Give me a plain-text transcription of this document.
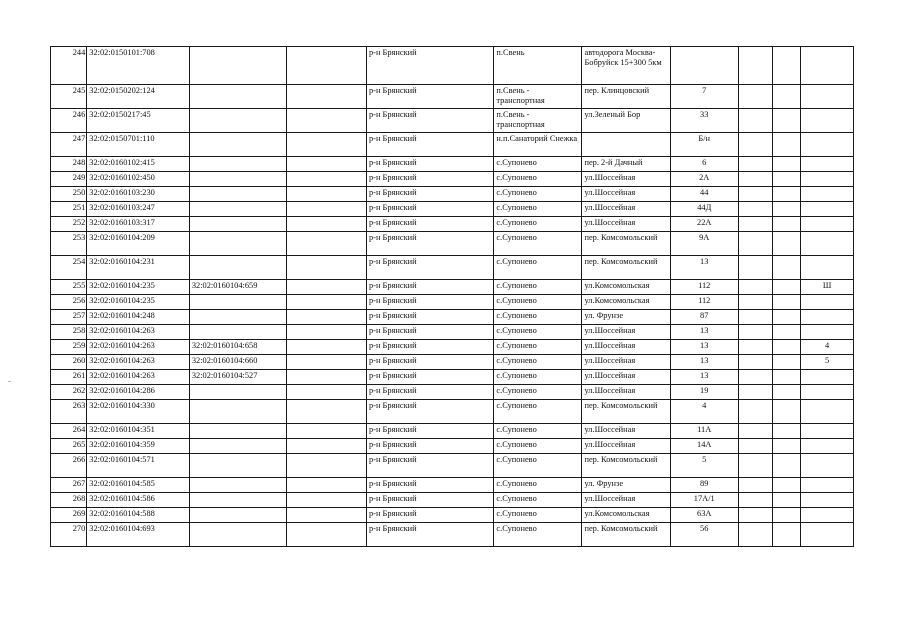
244	32:02:0150101:708			р-н Брянский	п.Свень	автодорога Москва-Бобруйск 15+300 5км				
245	32:02:0150202:124			р-н Брянский	п.Свень - транспортная	пер. Клинцовский	7			
246	32:02:0150217:45			р-н Брянский	п.Свень - транспортная	ул.Зеленый Бор	33			
247	32:02:0150701:110			р-н Брянский	н.п.Санаторий Снежка		Б/н			
248	32:02:0160102:415			р-н Брянский	с.Супонево	пер. 2-й Дачный	6			
249	32:02:0160102:450			р-н Брянский	с.Супонево	ул.Шоссейная	2А			
250	32:02:0160103:230			р-н Брянский	с.Супонево	ул.Шоссейная	44			
251	32:02:0160103:247			р-н Брянский	с.Супонево	ул.Шоссейная	44Д			
252	32:02:0160103:317			р-н Брянский	с.Супонево	ул.Шоссейная	22А			
253	32:02:0160104:209			р-н Брянский	с.Супонево	пер. Комсомольский	9А			
254	32:02:0160104:231			р-н Брянский	с.Супонево	пер. Комсомольский	13			
255	32:02:0160104:235	32:02:0160104:659		р-н Брянский	с.Супонево	ул.Комсомольская	112			Ш
256	32:02:0160104:235			р-н Брянский	с.Супонево	ул.Комсомольская	112			
257	32:02:0160104:248			р-н Брянский	с.Супонево	ул. Фрунзе	87			
258	32:02:0160104:263			р-н Брянский	с.Супонево	ул.Шоссейная	13			
259	32:02:0160104:263	32:02:0160104:658		р-н Брянский	с.Супонево	ул.Шоссейная	13			4
260	32:02:0160104:263	32:02:0160104:660		р-н Брянский	с.Супонево	ул.Шоссейная	13			5
261	32:02:0160104:263	32:02:0160104:527		р-н Брянский	с.Супонево	ул.Шоссейная	13			
262	32:02:0160104:286			р-н Брянский	с.Супонево	ул.Шоссейная	19			
263	32:02:0160104:330			р-н Брянский	с.Супонево	пер. Комсомольский	4			
264	32:02:0160104:351			р-н Брянский	с.Супонево	ул.Шоссейная	11А			
265	32:02:0160104:359			р-н Брянский	с.Супонево	ул.Шоссейная	14А			
266	32:02:0160104:571			р-н Брянский	с.Супонево	пер. Комсомольский	5			
267	32:02:0160104:585			р-н Брянский	с.Супонево	ул. Фрунзе	89			
268	32:02:0160104:586			р-н Брянский	с.Супонево	ул.Шоссейная	17А/1			
269	32:02:0160104:588			р-н Брянский	с.Супонево	ул.Комсомольская	63А			
270	32:02:0160104:693			р-н Брянский	с.Супонево	пер. Комсомольский	56			
